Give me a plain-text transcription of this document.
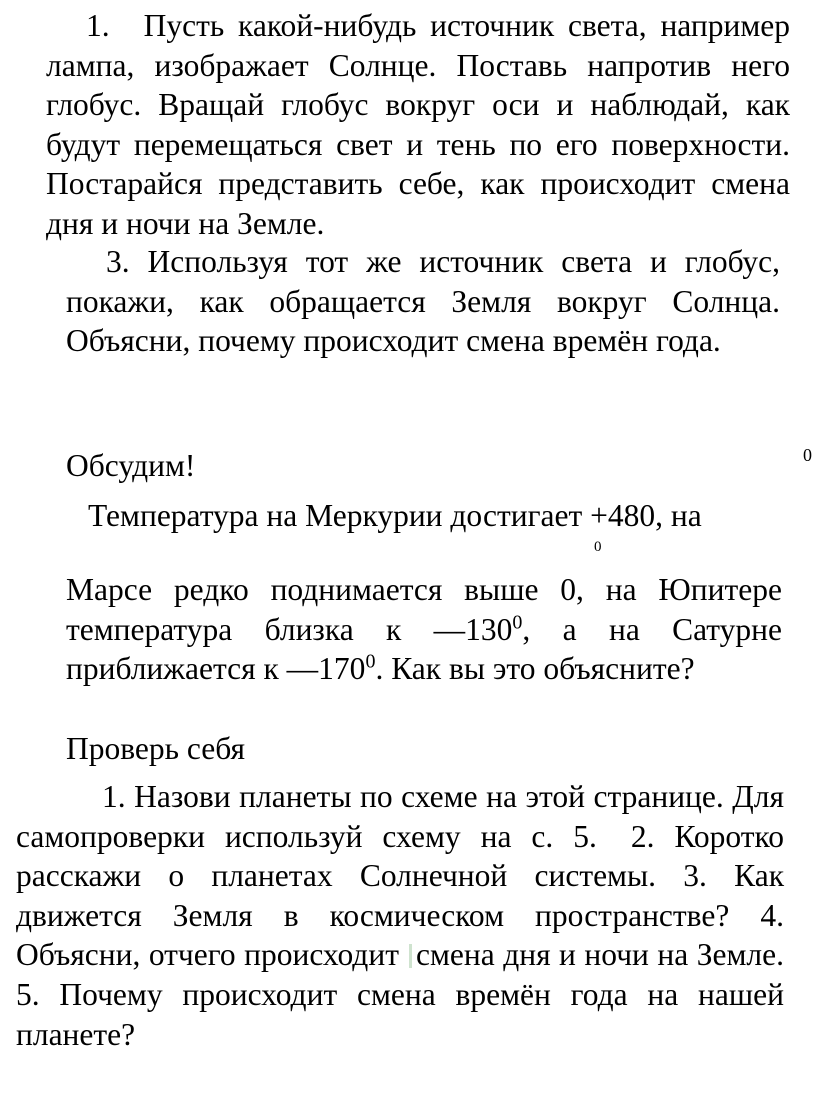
1. Пусть какой-нибудь источник света, например лампа, изображает Солнце. Поставь напротив него глобус. Вращай глобус вокруг оси и наблюдай, как будут перемещаться свет и тень по его поверхности. Постарайся представить себе, как происходит смена дня и ночи на Земле.

3. Используя тот же источник света и глобус, покажи, как обращается Земля вокруг Солнца. Объясни, почему происходит смена времён года.

Обсудим!	0

Температура на Меркурии достигает +480, на

0

Марсе редко поднимается выше 0, на Юпитере температура близка к $—130^0$, а на Сатурне приближается к $—170^0$. Как вы это объясните?

Проверь себя

1. Назови планеты по схеме на этой странице. Для самопроверки используй схему на с. 5. 2. Коротко расскажи о планетах Солнечной системы. 3. Как движется Земля в космическом пространстве? 4. Объясни, отчего происходит смена дня и ночи на Земле. 5. Почему происходит смена времён года на нашей планете?
